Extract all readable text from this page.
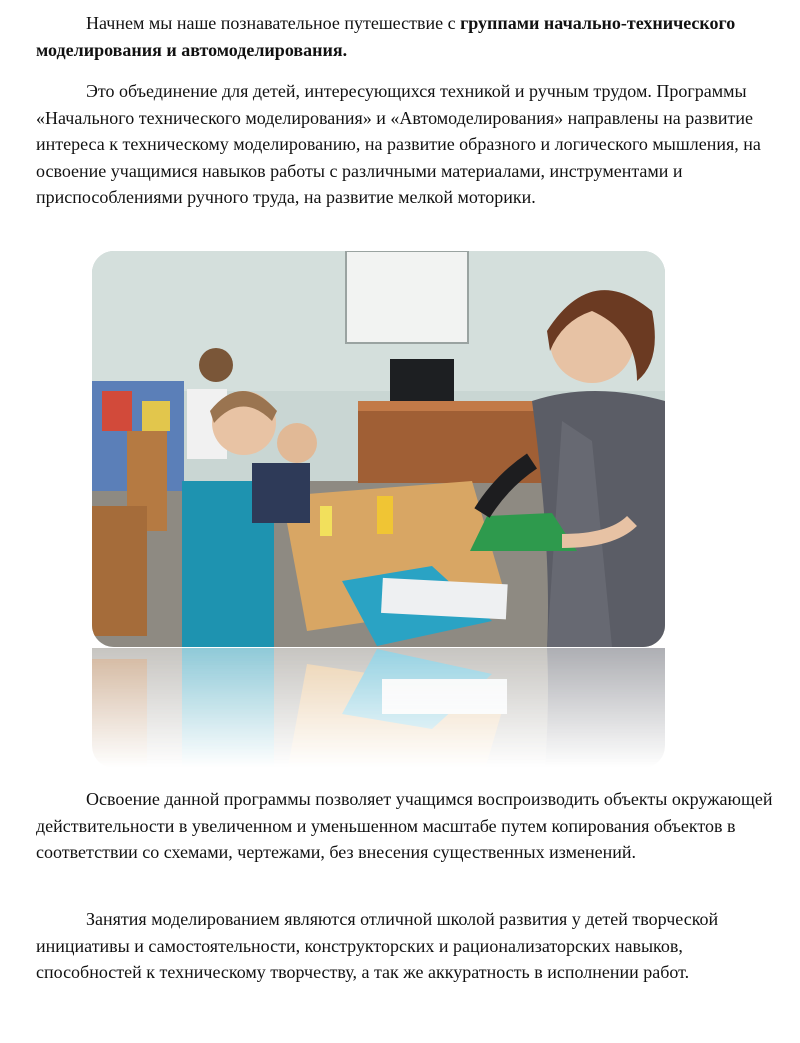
Начнем мы наше познавательное путешествие с группами начально-технического моделирования и автомоделирования.

Это объединение для детей, интересующихся техникой и ручным трудом. Программы «Начального технического моделирования» и «Автомоделирования» направлены на развитие интереса к техническому моделированию, на развитие образного и логического мышления, на освоение учащимися навыков работы с различными материалами, инструментами и приспособлениями ручного труда, на развитие мелкой моторики.

Освоение данной программы позволяет учащимся воспроизводить объекты окружающей действительности в увеличенном и уменьшенном масштабе путем копирования объектов в соответствии со схемами, чертежами, без внесения существенных изменений.

Занятия моделированием являются отличной школой развития у детей творческой инициативы и самостоятельности, конструкторских и рационализаторских навыков, способностей к техническому творчеству, а так же аккуратность в исполнении работ.
